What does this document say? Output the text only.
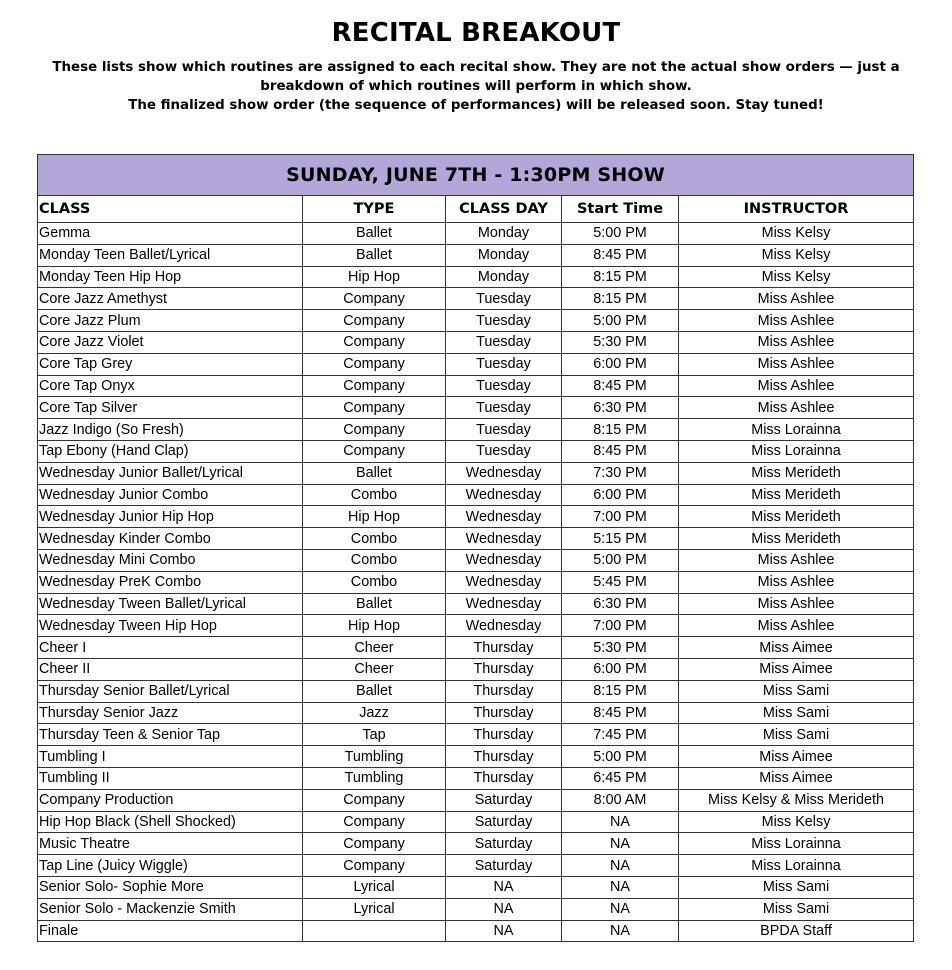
RECITAL BREAKOUT
These lists show which routines are assigned to each recital show. They are not the actual show orders — just a
breakdown of which routines will perform in which show.
The finalized show order (the sequence of performances) will be released soon. Stay tuned!
SUNDAY, JUNE 7TH - 1:30PM SHOW				
CLASS	TYPE	CLASS DAY	Start Time	INSTRUCTOR
Gemma	Ballet	Monday	5:00 PM	Miss Kelsy
Monday Teen Ballet/Lyrical	Ballet	Monday	8:45 PM	Miss Kelsy
Monday Teen Hip Hop	Hip Hop	Monday	8:15 PM	Miss Kelsy
Core Jazz Amethyst	Company	Tuesday	8:15 PM	Miss Ashlee
Core Jazz Plum	Company	Tuesday	5:00 PM	Miss Ashlee
Core Jazz Violet	Company	Tuesday	5:30 PM	Miss Ashlee
Core Tap Grey	Company	Tuesday	6:00 PM	Miss Ashlee
Core Tap Onyx	Company	Tuesday	8:45 PM	Miss Ashlee
Core Tap Silver	Company	Tuesday	6:30 PM	Miss Ashlee
Jazz Indigo (So Fresh)	Company	Tuesday	8:15 PM	Miss Lorainna
Tap Ebony (Hand Clap)	Company	Tuesday	8:45 PM	Miss Lorainna
Wednesday Junior Ballet/Lyrical	Ballet	Wednesday	7:30 PM	Miss Merideth
Wednesday Junior Combo	Combo	Wednesday	6:00 PM	Miss Merideth
Wednesday Junior Hip Hop	Hip Hop	Wednesday	7:00 PM	Miss Merideth
Wednesday Kinder Combo	Combo	Wednesday	5:15 PM	Miss Merideth
Wednesday Mini Combo	Combo	Wednesday	5:00 PM	Miss Ashlee
Wednesday PreK Combo	Combo	Wednesday	5:45 PM	Miss Ashlee
Wednesday Tween Ballet/Lyrical	Ballet	Wednesday	6:30 PM	Miss Ashlee
Wednesday Tween Hip Hop	Hip Hop	Wednesday	7:00 PM	Miss Ashlee
Cheer I	Cheer	Thursday	5:30 PM	Miss Aimee
Cheer II	Cheer	Thursday	6:00 PM	Miss Aimee
Thursday Senior Ballet/Lyrical	Ballet	Thursday	8:15 PM	Miss Sami
Thursday Senior Jazz	Jazz	Thursday	8:45 PM	Miss Sami
Thursday Teen & Senior Tap	Tap	Thursday	7:45 PM	Miss Sami
Tumbling I	Tumbling	Thursday	5:00 PM	Miss Aimee
Tumbling II	Tumbling	Thursday	6:45 PM	Miss Aimee
Company Production	Company	Saturday	8:00 AM	Miss Kelsy & Miss Merideth
Hip Hop Black (Shell Shocked)	Company	Saturday	NA	Miss Kelsy
Music Theatre	Company	Saturday	NA	Miss Lorainna
Tap Line (Juicy Wiggle)	Company	Saturday	NA	Miss Lorainna
Senior Solo- Sophie More	Lyrical	NA	NA	Miss Sami
Senior Solo - Mackenzie Smith	Lyrical	NA	NA	Miss Sami
Finale		NA	NA	BPDA Staff
